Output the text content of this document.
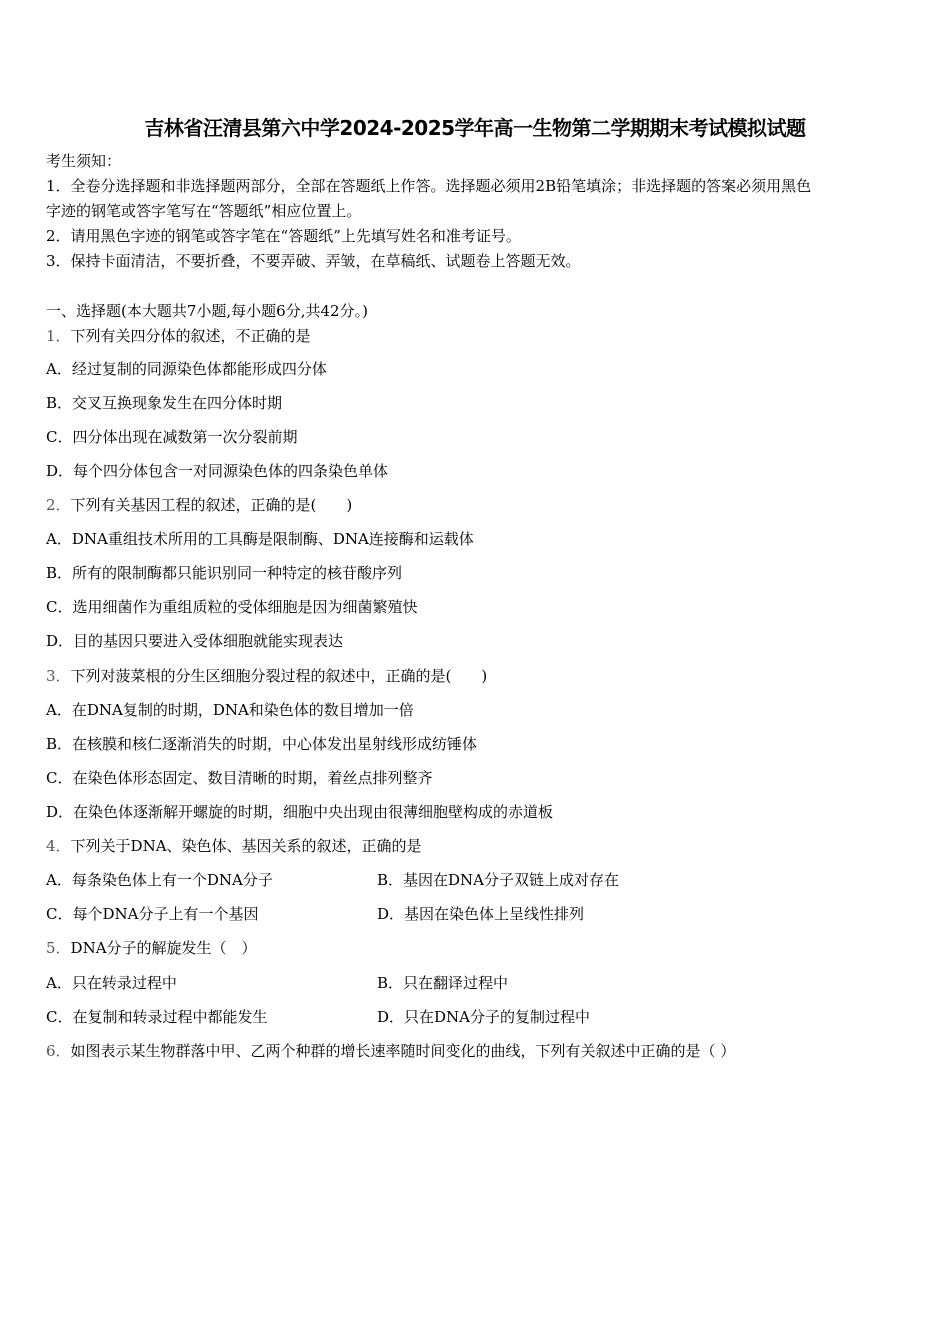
吉林省汪清县第六中学2024-2025学年高一生物第二学期期末考试模拟试题
考生须知：
1．全卷分选择题和非选择题两部分，全部在答题纸上作答。选择题必须用2B铅笔填涂；非选择题的答案必须用黑色
字迹的钢笔或答字笔写在“答题纸”相应位置上。
2．请用黑色字迹的钢笔或答字笔在“答题纸”上先填写姓名和准考证号。
3．保持卡面清洁，不要折叠，不要弄破、弄皱，在草稿纸、试题卷上答题无效。
一、选择题(本大题共7小题,每小题6分,共42分。)
1．下列有关四分体的叙述，不正确的是
A．经过复制的同源染色体都能形成四分体
B．交叉互换现象发生在四分体时期
C．四分体出现在减数第一次分裂前期
D．每个四分体包含一对同源染色体的四条染色单体
2．下列有关基因工程的叙述，正确的是(　　)
A．DNA重组技术所用的工具酶是限制酶、DNA连接酶和运载体
B．所有的限制酶都只能识别同一种特定的核苷酸序列
C．选用细菌作为重组质粒的受体细胞是因为细菌繁殖快
D．目的基因只要进入受体细胞就能实现表达
3．下列对菠菜根的分生区细胞分裂过程的叙述中，正确的是(　　)
A．在DNA复制的时期，DNA和染色体的数目增加一倍
B．在核膜和核仁逐渐消失的时期，中心体发出星射线形成纺锤体
C．在染色体形态固定、数目清晰的时期，着丝点排列整齐
D．在染色体逐渐解开螺旋的时期，细胞中央出现由很薄细胞壁构成的赤道板
4．下列关于DNA、染色体、基因关系的叙述，正确的是
A．每条染色体上有一个DNA分子	B．基因在DNA分子双链上成对存在
C．每个DNA分子上有一个基因	D．基因在染色体上呈线性排列
5．DNA分子的解旋发生（　）
A．只在转录过程中	B．只在翻译过程中
C．在复制和转录过程中都能发生	D．只在DNA分子的复制过程中
6．如图表示某生物群落中甲、乙两个种群的增长速率随时间变化的曲线，下列有关叙述中正确的是（ ）
